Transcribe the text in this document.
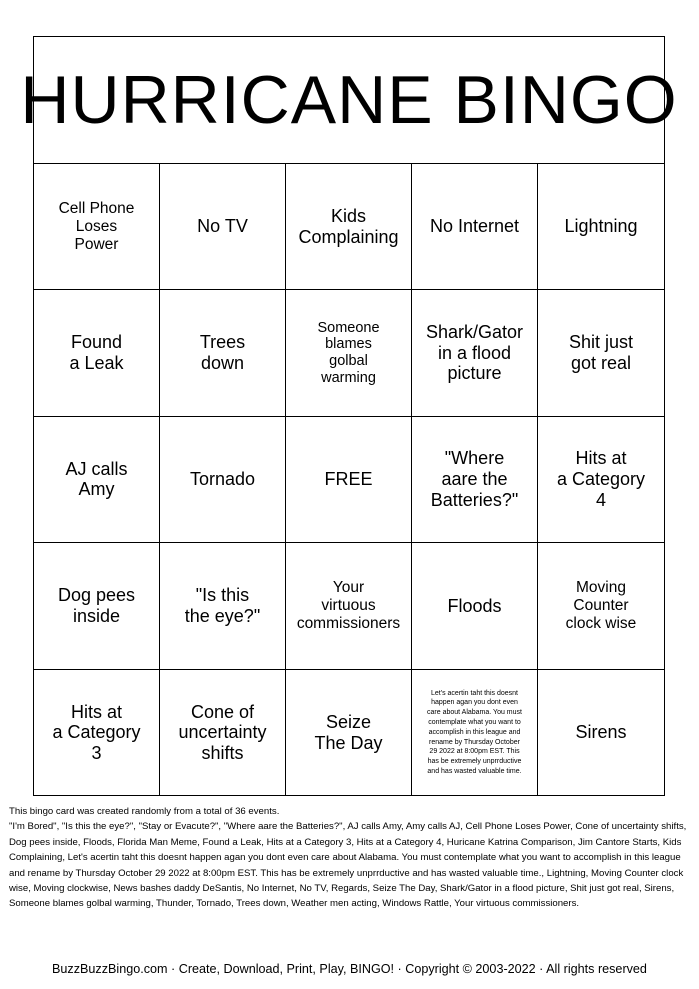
HURRICANE BINGO
Cell Phone
Loses
Power
No TV
Kids
Complaining
No Internet	Lightning
Found
a Leak
Trees
down
Someone
blames
golbal
warming
Shark/Gator
in a flood
picture
Shit just
got real
AJ calls
Amy
Tornado	FREE
"Where
aare the
Batteries?"
Hits at
a Category
4
Dog pees
inside
"Is this
the eye?"
Your
virtuous
commissioners
Floods
Moving
Counter
clock wise
Hits at
a Category
3
Cone of
uncertainty
shifts
Seize
The Day
Let's acertin taht this doesnt happen agan you dont even care about Alabama. You must contemplate what you want to accomplish in this league and rename by Thursday October 29 2022 at 8:00pm EST. This has be extremely unprrductive and has wasted valuable time.
Sirens

This bingo card was created randomly from a total of 36 events.

"I'm Bored", "Is this the eye?", "Stay or Evacute?", "Where aare the Batteries?", AJ calls Amy, Amy calls AJ, Cell Phone Loses Power, Cone of uncertainty shifts, Dog pees inside, Floods, Florida Man Meme, Found a Leak, Hits at a Category 3, Hits at a Category 4, Huricane Katrina Comparison, Jim Cantore Starts, Kids Complaining, Let's acertin taht this doesnt happen agan you dont even care about Alabama. You must contemplate what you want to accomplish in this league and rename by Thursday October 29 2022 at 8:00pm EST. This has be extremely unprrductive and has wasted valuable time., Lightning, Moving Counter clock wise, Moving clockwise, News bashes daddy DeSantis, No Internet, No TV, Regards, Seize The Day, Shark/Gator in a flood picture, Shit just got real, Sirens, Someone blames golbal warming, Thunder, Tornado, Trees down, Weather men acting, Windows Rattle, Your virtuous commissioners.

BuzzBuzzBingo.com · Create, Download, Print, Play, BINGO! · Copyright © 2003-2022 · All rights reserved
